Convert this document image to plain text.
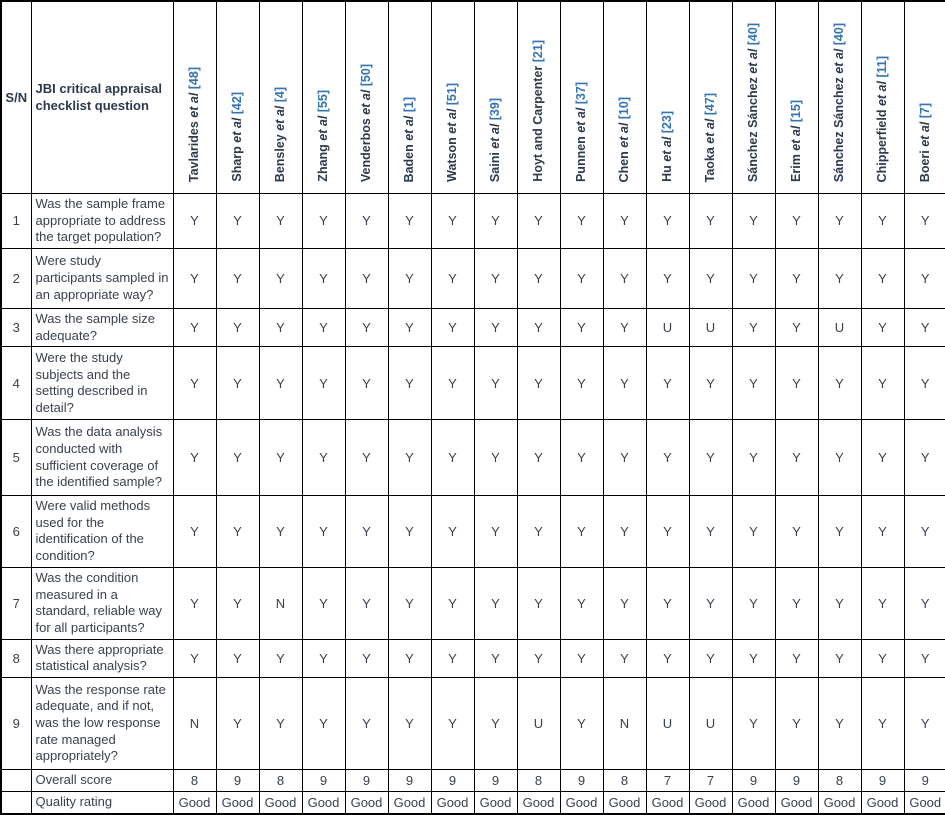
S/N	JBI critical appraisal checklist question	Tavlarides et al [48]	Sharp et al [42]	Bensley et al [4]	Zhang et al [55]	Venderbos et al [50]	Baden et al [1]	Watson et al [51]	Saini et al [39]	Hoyt and Carpenter [21]	Punnen et al [37]	Chen et al [10]	Hu et al [23]	Taoka et al [47]	Sánchez Sánchez et al [40]	Erim et al [15]	Sánchez Sánchez et al [40]	Chipperfield et al [11]	Boeri et al [7]
1	Was the sample frame appropriate to address the target population?	Y	Y	Y	Y	Y	Y	Y	Y	Y	Y	Y	Y	Y	Y	Y	Y	Y	Y
2	Were study participants sampled in an appropriate way?	Y	Y	Y	Y	Y	Y	Y	Y	Y	Y	Y	Y	Y	Y	Y	Y	Y	Y
3	Was the sample size adequate?	Y	Y	Y	Y	Y	Y	Y	Y	Y	Y	Y	U	U	Y	Y	U	Y	Y
4	Were the study subjects and the setting described in detail?	Y	Y	Y	Y	Y	Y	Y	Y	Y	Y	Y	Y	Y	Y	Y	Y	Y	Y
5	Was the data analysis conducted with sufficient coverage of the identified sample?	Y	Y	Y	Y	Y	Y	Y	Y	Y	Y	Y	Y	Y	Y	Y	Y	Y	Y
6	Were valid methods used for the identification of the condition?	Y	Y	Y	Y	Y	Y	Y	Y	Y	Y	Y	Y	Y	Y	Y	Y	Y	Y
7	Was the condition measured in a standard, reliable way for all participants?	Y	Y	N	Y	Y	Y	Y	Y	Y	Y	Y	Y	Y	Y	Y	Y	Y	Y
8	Was there appropriate statistical analysis?	Y	Y	Y	Y	Y	Y	Y	Y	Y	Y	Y	Y	Y	Y	Y	Y	Y	Y
9	Was the response rate adequate, and if not, was the low response rate managed appropriately?	N	Y	Y	Y	Y	Y	Y	Y	U	Y	N	U	U	Y	Y	Y	Y	Y
	Overall score	8	9	8	9	9	9	9	9	8	9	8	7	7	9	9	8	9	9
	Quality rating	Good	Good	Good	Good	Good	Good	Good	Good	Good	Good	Good	Good	Good	Good	Good	Good	Good	Good
